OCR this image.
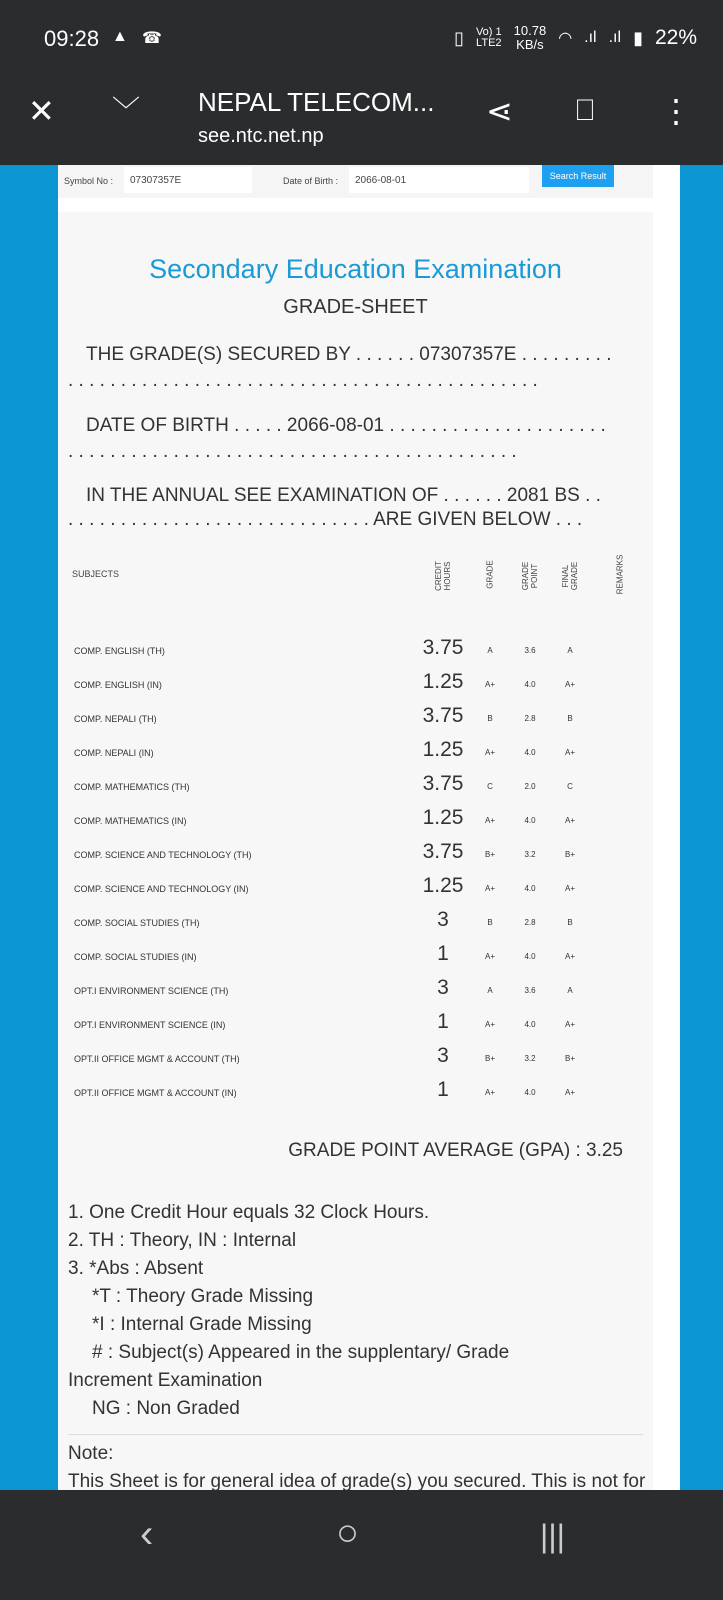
09:28 ▲ ☎	▯ Vo) 1
LTE2
10.78
KB/s ◠ .ıl .ıl ▮ 22%
✕ ﹀ NEPAL TELECOM...
see.ntc.net.np
⋖ ⎕ ⋮
Symbol No :	07307357E	Date of Birth :	2066-08-01	Search Result
Secondary Education Examination
GRADE-SHEET
THE GRADE(S) SECURED BY . . . . . . 07307357E . . . . . . . . .
. . . . . . . . . . . . . . . . . . . . . . . . . . . . . . . . . . . . . . . . . . . . .
DATE OF BIRTH . . . . . 2066-08-01 . . . . . . . . . . . . . . . . . . . . .
. . . . . . . . . . . . . . . . . . . . . . . . . . . . . . . . . . . . . . . . . . .
IN THE ANNUAL SEE EXAMINATION OF . . . . . . 2081 BS . .
. . . . . . . . . . . . . . . . . . . . . . . . . . . . . ARE GIVEN BELOW . . .
SUBJECTS	CREDIT HOURS	GRADE	GRADE POINT	FINAL GRADE	REMARKS
COMP. ENGLISH (TH)	3.75	A	3.6	A
COMP. ENGLISH (IN)	1.25	A+	4.0	A+
COMP. NEPALI (TH)	3.75	B	2.8	B
COMP. NEPALI (IN)	1.25	A+	4.0	A+
COMP. MATHEMATICS (TH)	3.75	C	2.0	C
COMP. MATHEMATICS (IN)	1.25	A+	4.0	A+
COMP. SCIENCE AND TECHNOLOGY (TH)	3.75	B+	3.2	B+
COMP. SCIENCE AND TECHNOLOGY (IN)	1.25	A+	4.0	A+
COMP. SOCIAL STUDIES (TH)	3	B	2.8	B
COMP. SOCIAL STUDIES (IN)	1	A+	4.0	A+
OPT.I ENVIRONMENT SCIENCE (TH)	3	A	3.6	A
OPT.I ENVIRONMENT SCIENCE (IN)	1	A+	4.0	A+
OPT.II OFFICE MGMT & ACCOUNT (TH)	3	B+	3.2	B+
OPT.II OFFICE MGMT & ACCOUNT (IN)	1	A+	4.0	A+
GRADE POINT AVERAGE (GPA) : 3.25
1. One Credit Hour equals 32 Clock Hours.
2. TH : Theory, IN : Internal
3. *Abs : Absent
*T : Theory Grade Missing
*I : Internal Grade Missing
# : Subject(s) Appeared in the supplentary/ Grade
Increment Examination
NG : Non Graded
Note:
This Sheet is for general idea of grade(s) you secured. This is not for
‹	○	|||
